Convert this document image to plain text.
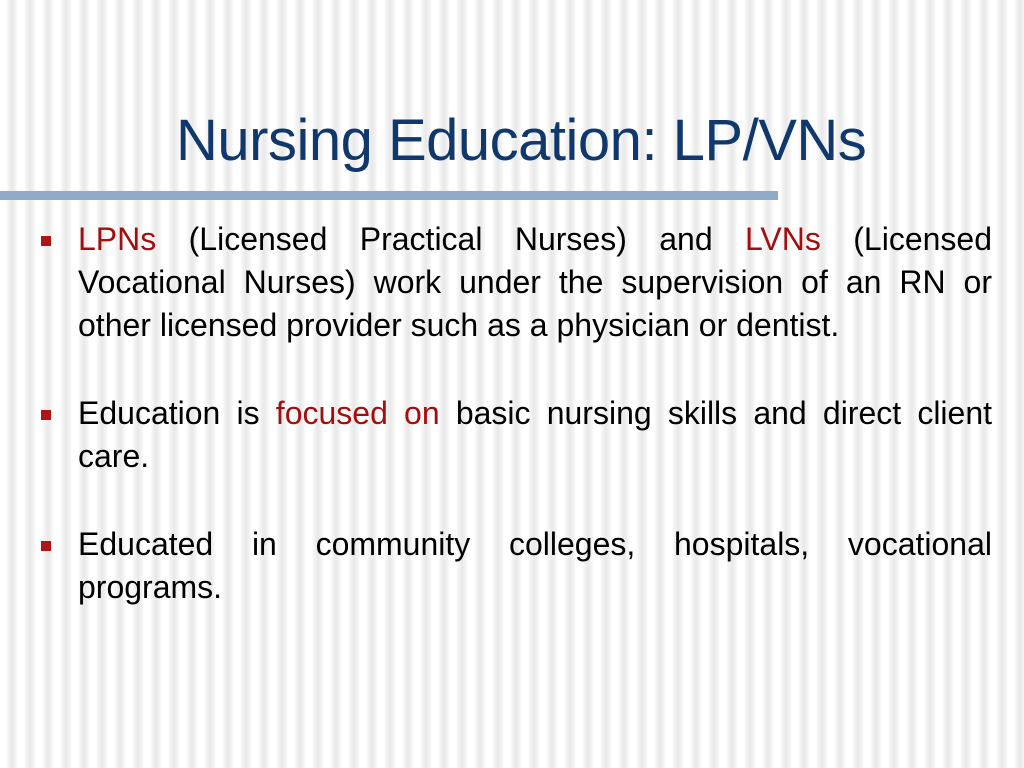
Nursing Education: LP/VNs
LPNs (Licensed Practical Nurses) and LVNs (Licensed Vocational Nurses) work under the supervision of an RN or other licensed provider such as a physician or dentist.
Education is focused on basic nursing skills and direct client care.
Educated in community colleges, hospitals, vocational programs.
